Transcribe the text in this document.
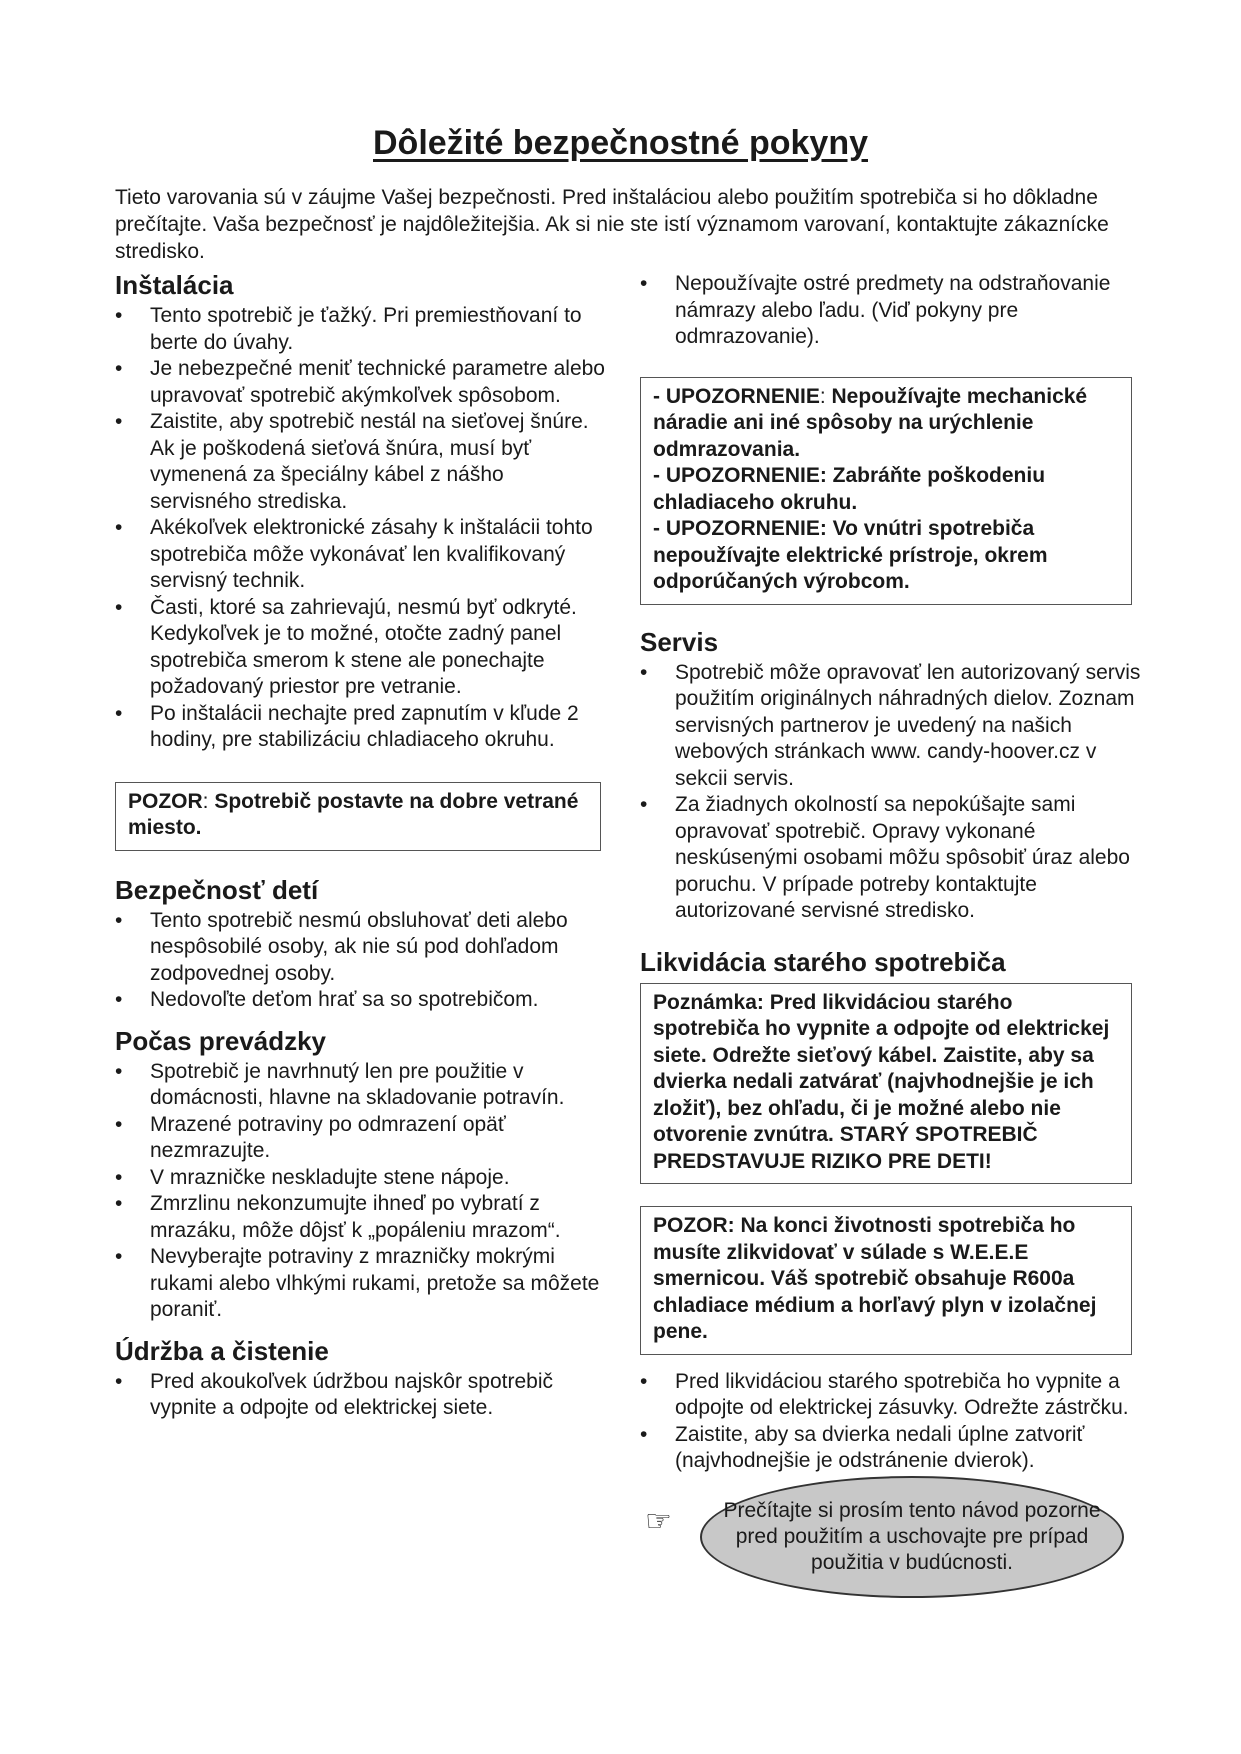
Dôležité bezpečnostné pokyny

Tieto varovania sú v záujme Vašej bezpečnosti. Pred inštaláciou alebo použitím spotrebiča si ho dôkladne prečítajte. Vaša bezpečnosť je najdôležitejšia. Ak si nie ste istí významom varovaní, kontaktujte zákaznícke stredisko.

Inštalácia
• Tento spotrebič je ťažký. Pri premiestňovaní to berte do úvahy.
• Je nebezpečné meniť technické parametre alebo upravovať spotrebič akýmkoľvek spôsobom.
• Zaistite, aby spotrebič nestál na sieťovej šnúre. Ak je poškodená sieťová šnúra, musí byť vymenená za špeciálny kábel z nášho servisného strediska.
• Akékoľvek elektronické zásahy k inštalácii tohto spotrebiča môže vykonávať len kvalifikovaný servisný technik.
• Časti, ktoré sa zahrievajú, nesmú byť odkryté. Kedykoľvek je to možné, otočte zadný panel spotrebiča smerom k stene ale ponechajte požadovaný priestor pre vetranie.
• Po inštalácii nechajte pred zapnutím v kľude 2 hodiny, pre stabilizáciu chladiaceho okruhu.
POZOR: Spotrebič postavte na dobre vetrané miesto.
Bezpečnosť detí
• Tento spotrebič nesmú obsluhovať deti alebo nespôsobilé osoby, ak nie sú pod dohľadom zodpovednej osoby.
• Nedovoľte deťom hrať sa so spotrebičom.
Počas prevádzky
• Spotrebič je navrhnutý len pre použitie v domácnosti, hlavne na skladovanie potravín.
• Mrazené potraviny po odmrazení opäť nezmrazujte.
• V mrazničke neskladujte stene nápoje.
• Zmrzlinu nekonzumujte ihneď po vybratí z mrazáku, môže dôjsť k „popáleniu mrazom“.
• Nevyberajte potraviny z mrazničky mokrými rukami alebo vlhkými rukami, pretože sa môžete poraniť.
Údržba a čistenie
• Pred akoukoľvek údržbou najskôr spotrebič vypnite a odpojte od elektrickej siete.
• Nepoužívajte ostré predmety na odstraňovanie námrazy alebo ľadu. (Viď pokyny pre odmrazovanie).
- UPOZORNENIE: Nepoužívajte mechanické náradie ani iné spôsoby na urýchlenie odmrazovania.
- UPOZORNENIE: Zabráňte poškodeniu chladiaceho okruhu.
- UPOZORNENIE: Vo vnútri spotrebiča nepoužívajte elektrické prístroje, okrem odporúčaných výrobcom.
Servis
• Spotrebič môže opravovať len autorizovaný servis použitím originálnych náhradných dielov. Zoznam servisných partnerov je uvedený na našich webových stránkach www. candy-hoover.cz v sekcii servis.
• Za žiadnych okolností sa nepokúšajte sami opravovať spotrebič. Opravy vykonané neskúsenými osobami môžu spôsobiť úraz alebo poruchu. V prípade potreby kontaktujte autorizované servisné stredisko.
Likvidácia starého spotrebiča
Poznámka: Pred likvidáciou starého spotrebiča ho vypnite a odpojte od elektrickej siete. Odrežte sieťový kábel. Zaistite, aby sa dvierka nedali zatvárať (najvhodnejšie je ich zložiť), bez ohľadu, či je možné alebo nie otvorenie zvnútra. STARÝ SPOTREBIČ PREDSTAVUJE RIZIKO PRE DETI!
POZOR: Na konci životnosti spotrebiča ho musíte zlikvidovať v súlade s W.E.E.E smernicou. Váš spotrebič obsahuje R600a chladiace médium a horľavý plyn v izolačnej pene.
• Pred likvidáciou starého spotrebiča ho vypnite a odpojte od elektrickej zásuvky. Odrežte zástrčku.
• Zaistite, aby sa dvierka nedali úplne zatvoriť (najvhodnejšie je odstránenie dvierok).
☞	Prečítajte si prosím tento návod pozorne pred použitím a uschovajte pre prípad použitia v budúcnosti.
